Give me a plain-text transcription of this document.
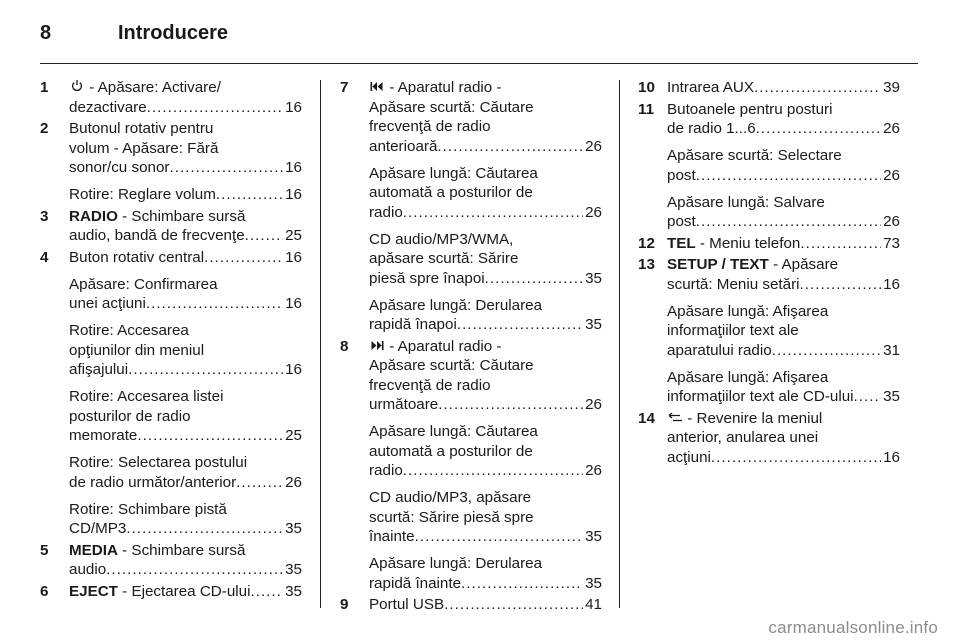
8	Introducere
1	- Apăsare: Activare/
dezactivare . . .	16
2	Butonul rotativ pentru
volum - Apăsare: Fără
sonor/cu sonor . . .	16
Rotire: Reglare volum . . .	16
3	RADIO - Schimbare sursă
audio, bandă de frecvenţe . . .	25
4	Buton rotativ central . . .	16
Apăsare: Confirmarea
unei acţiuni . . .	16
Rotire: Accesarea
opţiunilor din meniul
afişajului . . .	16
Rotire: Accesarea listei
posturilor de radio
memorate . . .	25
Rotire: Selectarea postului
de radio următor/anterior . . .	26
Rotire: Schimbare pistă
CD/MP3 . . .	35
5	MEDIA - Schimbare sursă
audio . . .	35
6	EJECT - Ejectarea CD-ului . . . 35
7	- Aparatul radio -
Apăsare scurtă: Căutare
frecvenţă de radio
anterioară . . .	26
Apăsare lungă: Căutarea
automată a posturilor de
radio . . .	26
CD audio/MP3/WMA,
apăsare scurtă: Sărire
piesă spre înapoi . . .	35
Apăsare lungă: Derularea
rapidă înapoi . . .	35
8	- Aparatul radio -
Apăsare scurtă: Căutare
frecvenţă de radio
următoare . . .	26
Apăsare lungă: Căutarea
automată a posturilor de
radio . . .	26
CD audio/MP3, apăsare
scurtă: Sărire piesă spre
înainte . . .	35
Apăsare lungă: Derularea
rapidă înainte . . .	35
9	Portul USB . . .	41
10 Intrarea AUX . . .	39
11 Butoanele pentru posturi
de radio 1...6 . . .	26
Apăsare scurtă: Selectare
post . . .	26
Apăsare lungă: Salvare
post . . .	26
12 TEL - Meniu telefon . . .	73
13 SETUP / TEXT - Apăsare
scurtă: Meniu setări . . .	16
Apăsare lungă: Afişarea
informaţiilor text ale
aparatului radio . . .	31
Apăsare lungă: Afişarea
informaţiilor text ale CD-ului . . . 35
14	- Revenire la meniul
anterior, anularea unei
acţiuni . . .	16
carmanualsonline.info
